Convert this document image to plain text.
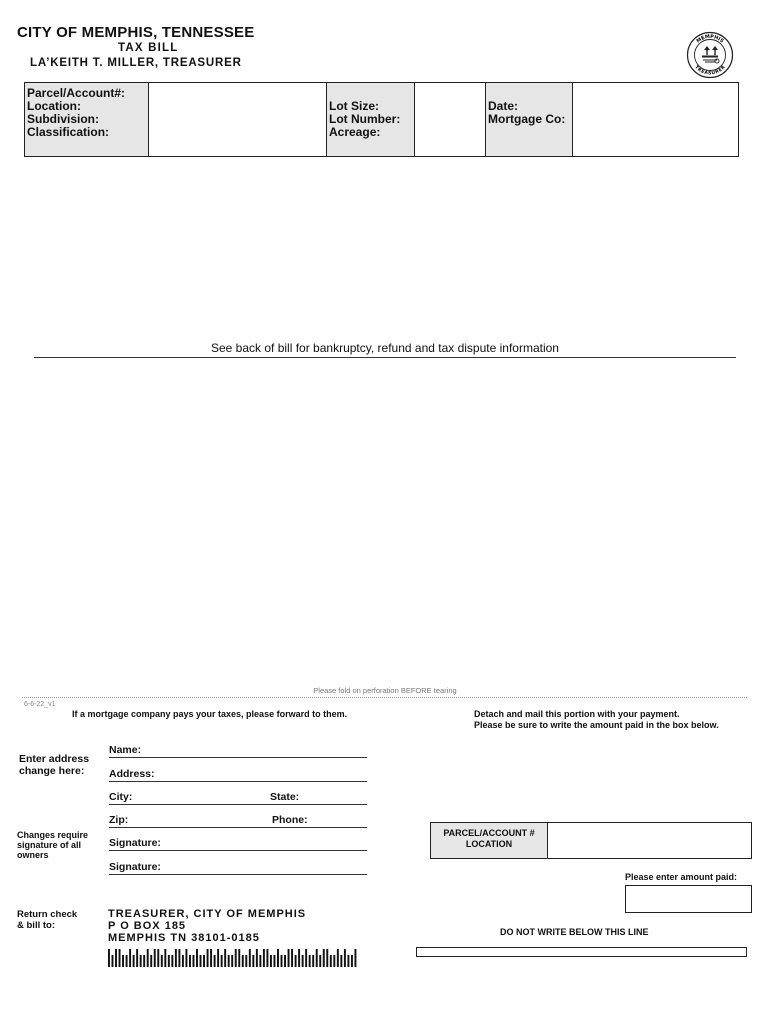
CITY OF MEMPHIS, TENNESSEE
TAX BILL
LA’KEITH T. MILLER, TREASURER
MEMPHIS
TREASURER
Parcel/Account#:
Location:
Subdivision:
Classification:
Lot Size:
Lot Number:
Acreage:
Date:
Mortgage Co:
See back of bill for bankruptcy, refund and tax dispute information
Please fold on perforation BEFORE tearing
6-6-22_v1
If a mortgage company pays your taxes, please forward to them.	Detach and mail this portion with your payment.
Please be sure to write the amount paid in the box below.
Enter address
change here:
Name:
Address:
City:	State:
Zip:	Phone:
Signature:
Signature:
Changes require
signature of all
owners
PARCEL/ACCOUNT #
LOCATION
Please enter amount paid:
Return check
& bill to:
TREASURER, CITY OF MEMPHIS
P O BOX 185
MEMPHIS TN 38101-0185	DO NOT WRITE BELOW THIS LINE
